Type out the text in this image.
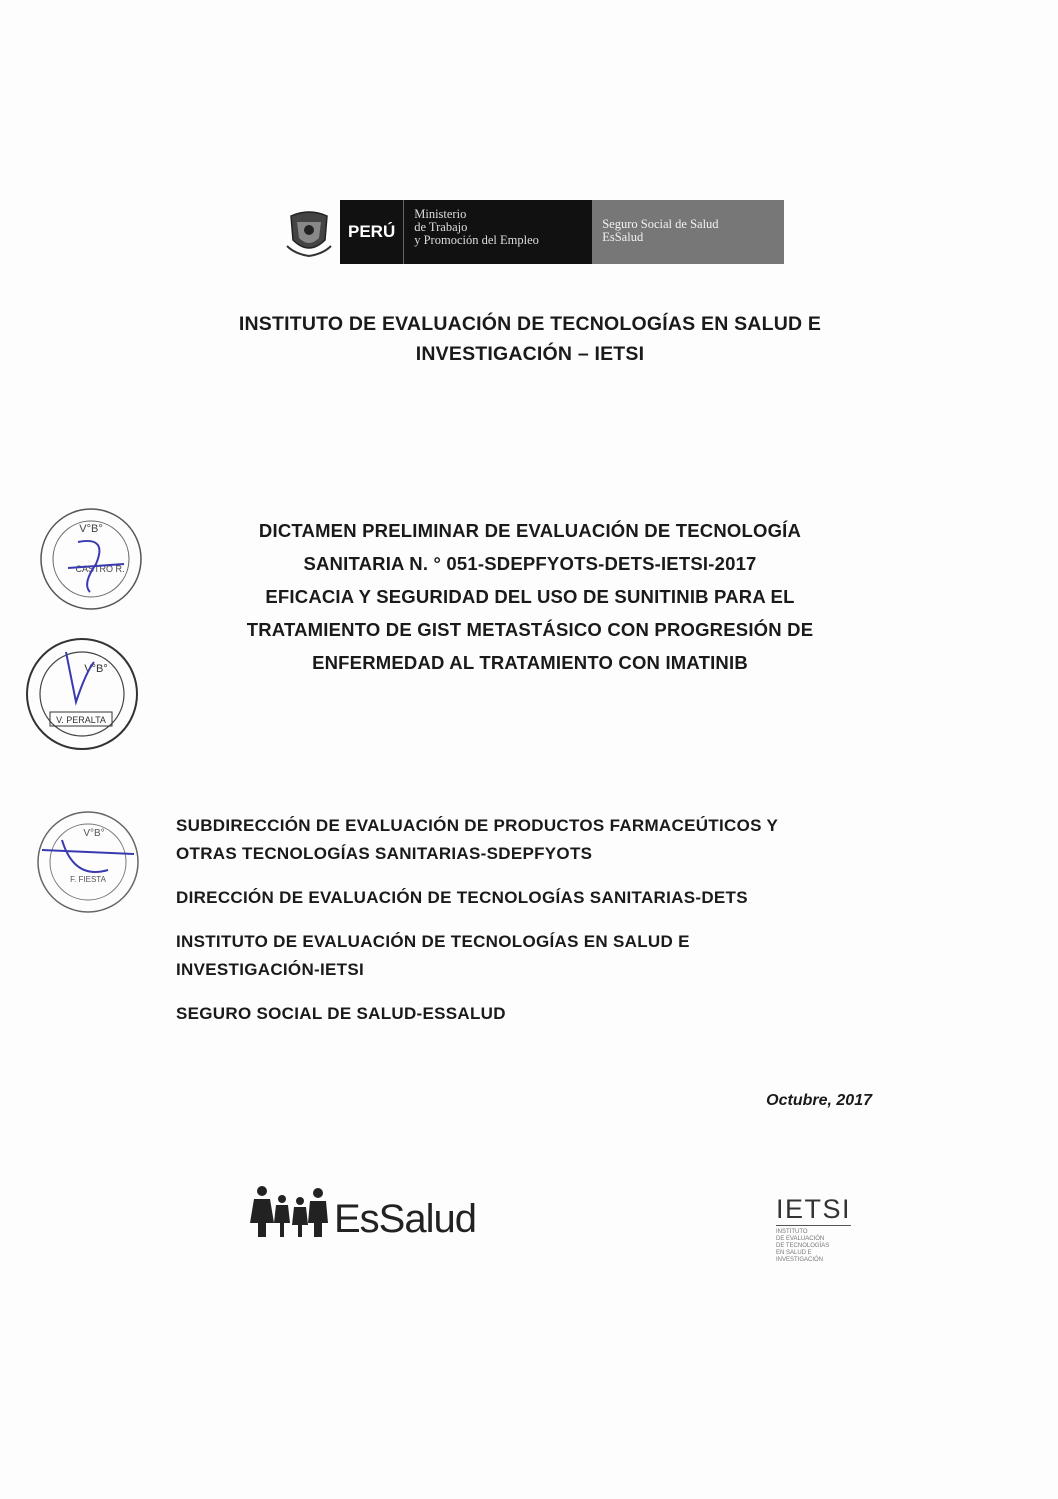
PERÚ
Ministerio
de Trabajo
y Promoción del Empleo
Seguro Social de Salud
EsSalud
INSTITUTO DE EVALUACIÓN DE TECNOLOGÍAS EN SALUD E
INVESTIGACIÓN – IETSI
V°B°
CASTRO R.
V°B°
V. PERALTA
V°B°
F. FIESTA
DICTAMEN PRELIMINAR DE EVALUACIÓN DE TECNOLOGÍA
SANITARIA N. ° 051-SDEPFYOTS-DETS-IETSI-2017
EFICACIA Y SEGURIDAD DEL USO DE SUNITINIB PARA EL
TRATAMIENTO DE GIST METASTÁSICO CON PROGRESIÓN DE
ENFERMEDAD AL TRATAMIENTO CON IMATINIB
SUBDIRECCIÓN DE EVALUACIÓN DE PRODUCTOS FARMACEÚTICOS Y
OTRAS TECNOLOGÍAS SANITARIAS-SDEPFYOTS
DIRECCIÓN DE EVALUACIÓN DE TECNOLOGÍAS SANITARIAS-DETS
INSTITUTO DE EVALUACIÓN DE TECNOLOGÍAS EN SALUD E
INVESTIGACIÓN-IETSI
SEGURO SOCIAL DE SALUD-ESSALUD
Octubre, 2017
EsSalud	IETSI
INSTITUTO
DE EVALUACIÓN
DE TECNOLOGÍAS
EN SALUD E
INVESTIGACIÓN
